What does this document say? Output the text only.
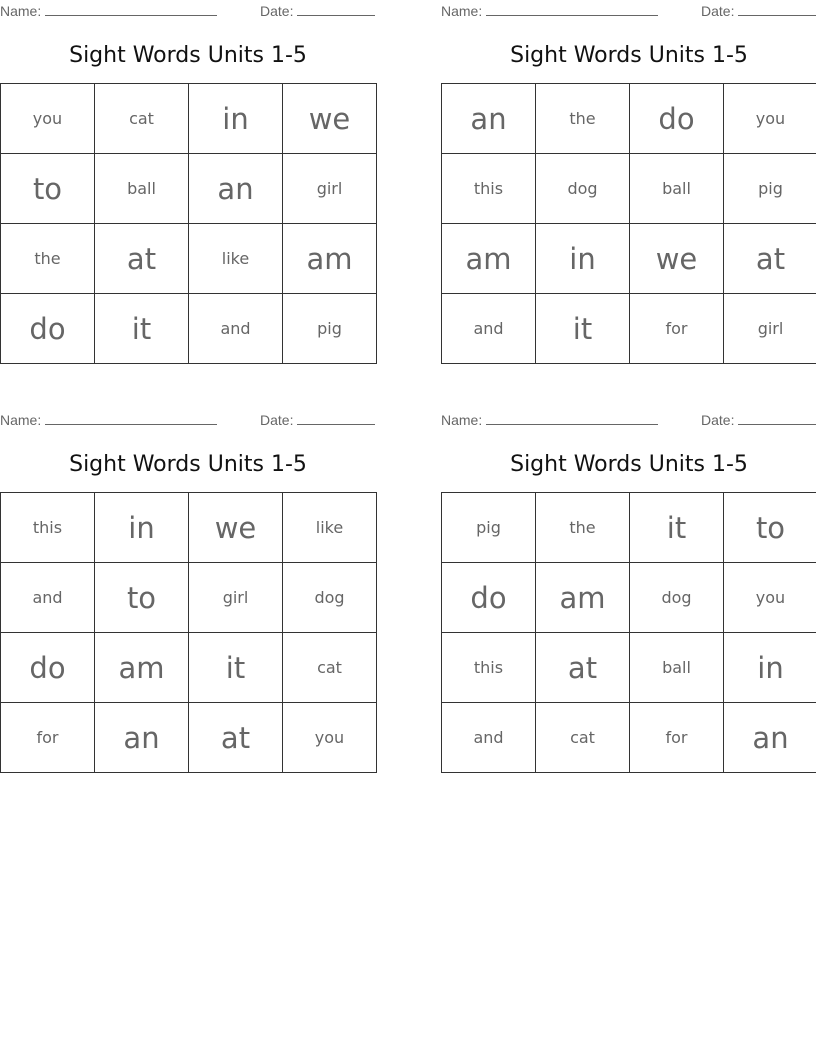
Name:	Date:
Sight Words Units 1-5
you	cat	in	we
to	ball	an	girl
the	at	like	am
do	it	and	pig
Name:	Date:
Sight Words Units 1-5
an	the	do	you
this	dog	ball	pig
am	in	we	at
and	it	for	girl
Name:	Date:
Sight Words Units 1-5
this	in	we	like
and	to	girl	dog
do	am	it	cat
for	an	at	you
Name:	Date:
Sight Words Units 1-5
pig	the	it	to
do	am	dog	you
this	at	ball	in
and	cat	for	an
